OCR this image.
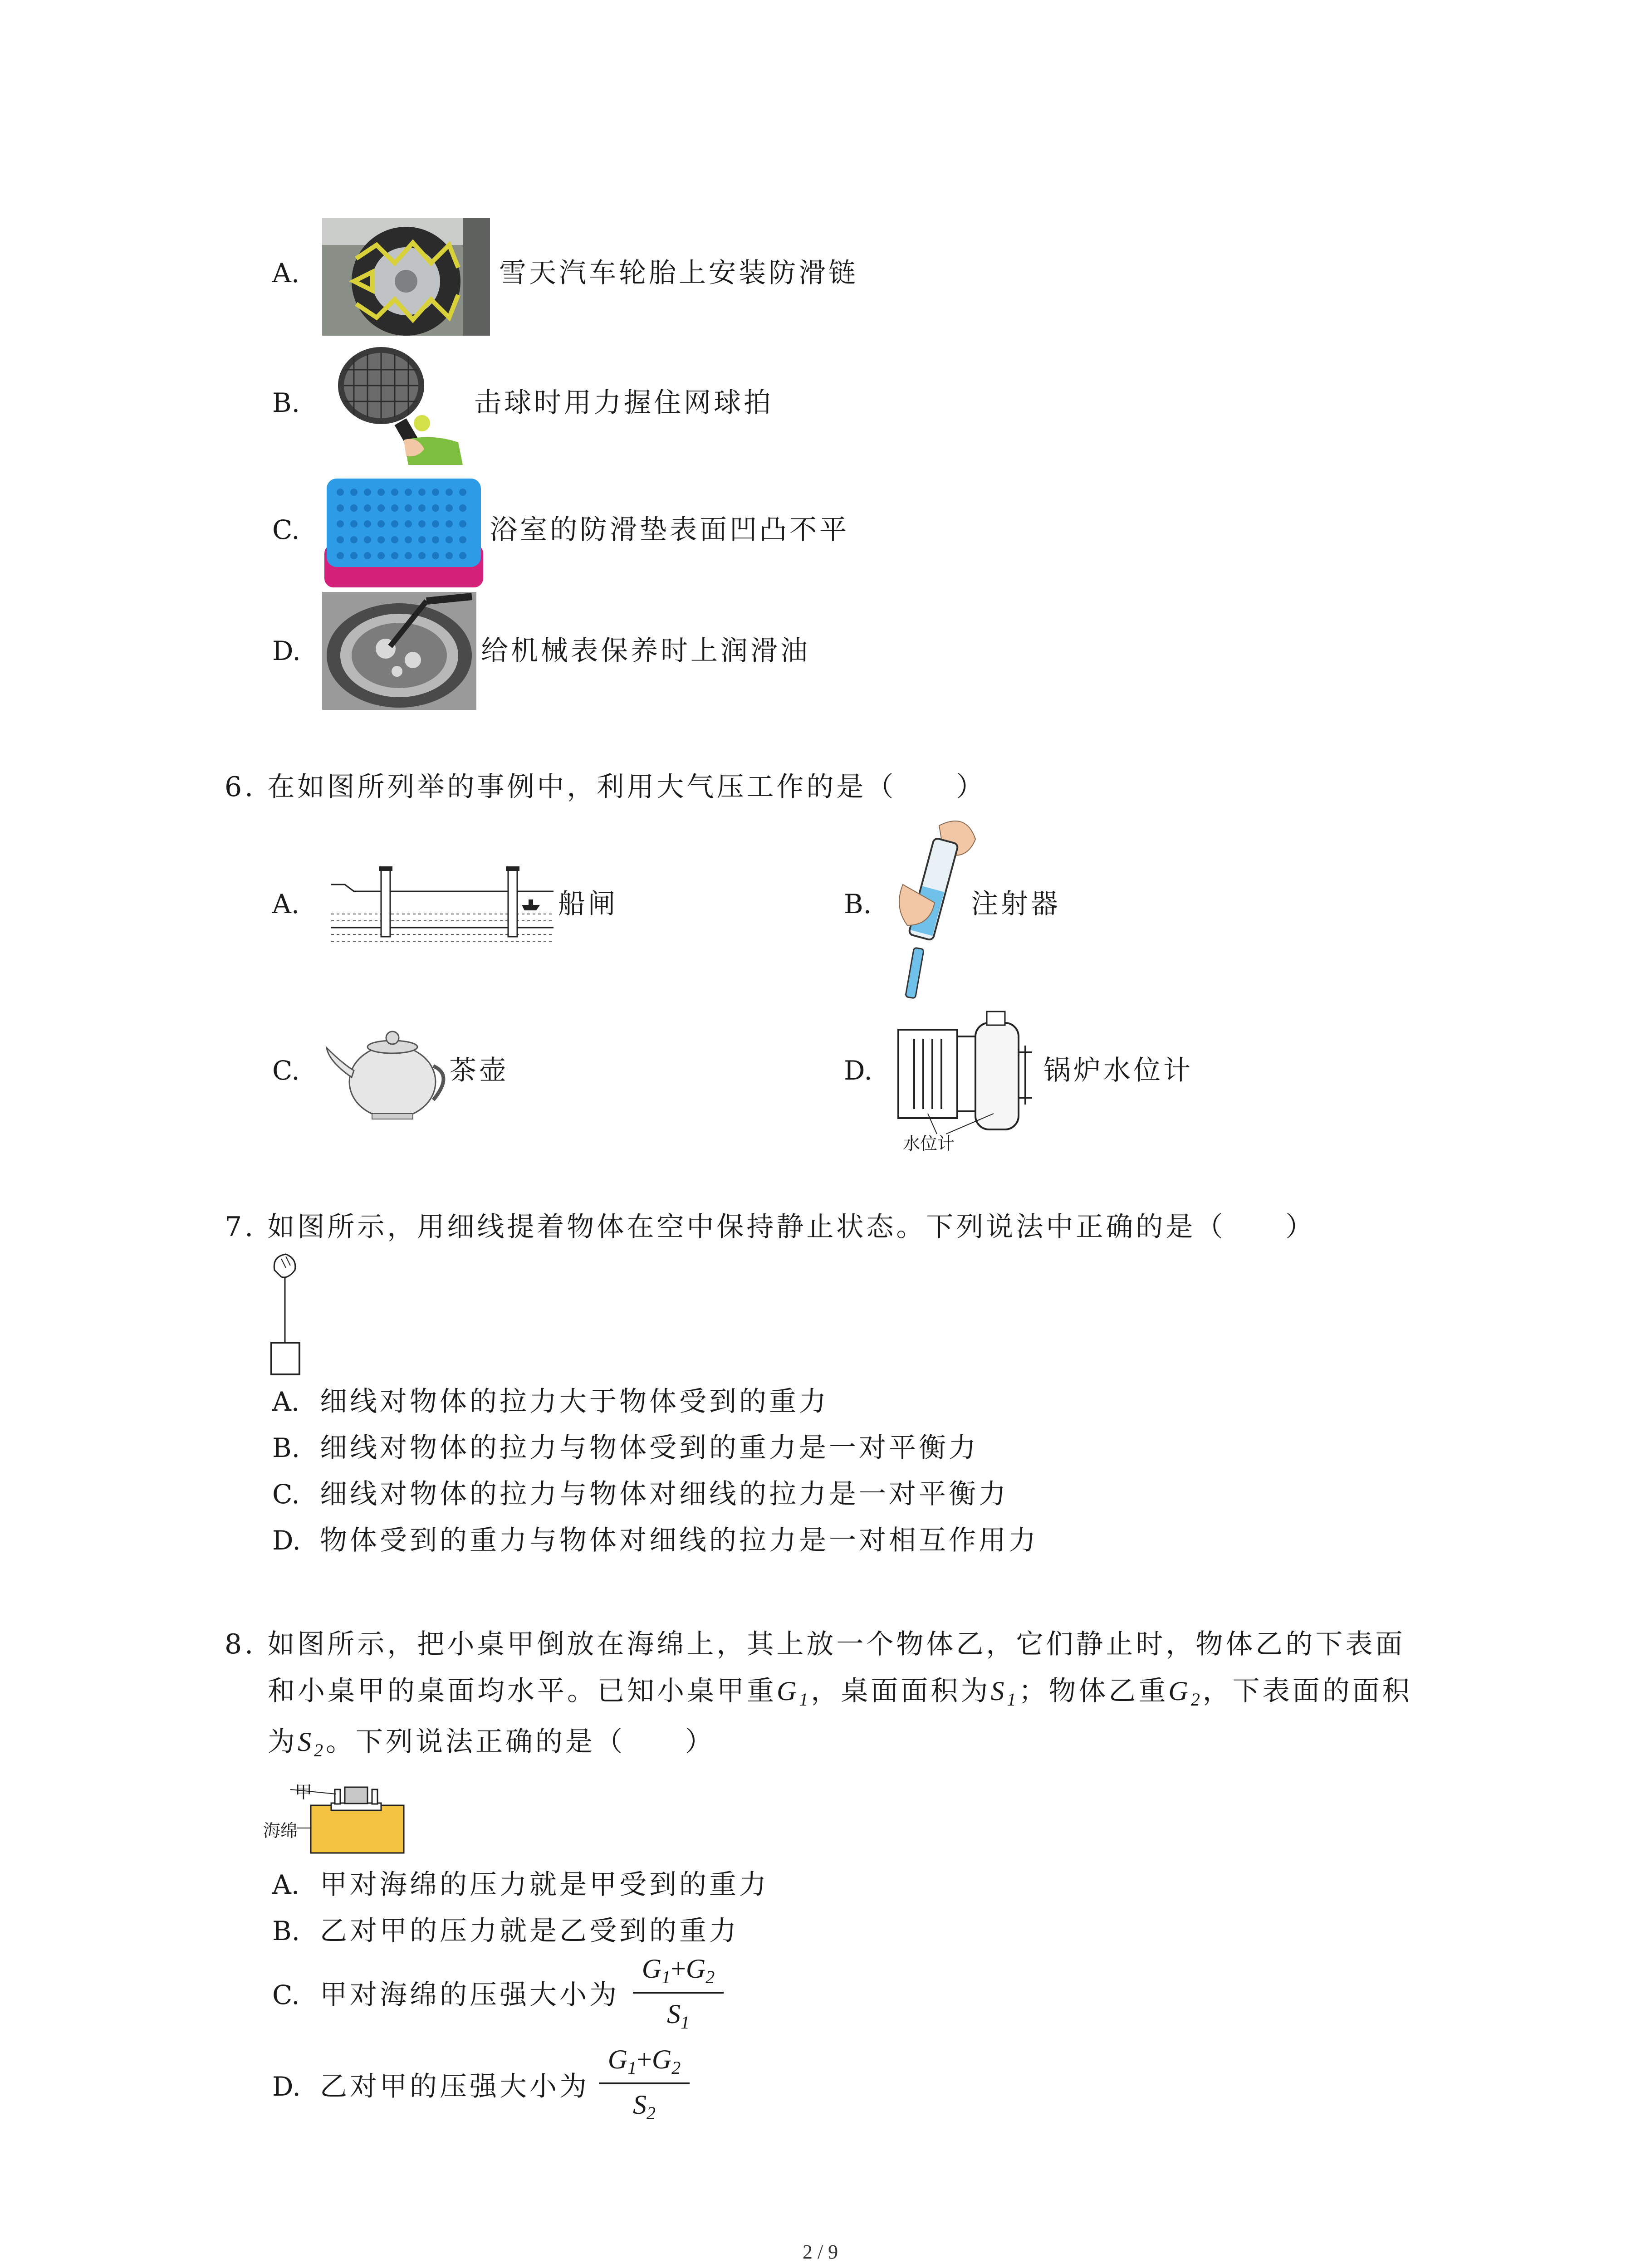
A.	雪天汽车轮胎上安装防滑链
B.	击球时用力握住网球拍
C.	浴室的防滑垫表面凹凸不平
D.	给机械表保养时上润滑油
6. 在如图所列举的事例中，利用大气压工作的是（　　）
A.	船闸	B.	注射器
C.	茶壶	D.
水位计
锅炉水位计
7. 如图所示，用细线提着物体在空中保持静止状态。下列说法中正确的是（　　）
A. 细线对物体的拉力大于物体受到的重力
B. 细线对物体的拉力与物体受到的重力是一对平衡力
C. 细线对物体的拉力与物体对细线的拉力是一对平衡力
D. 物体受到的重力与物体对细线的拉力是一对相互作用力
8. 如图所示，把小桌甲倒放在海绵上，其上放一个物体乙，它们静止时，物体乙的下表面
和小桌甲的桌面均水平。已知小桌甲重$G_1$，桌面面积为$S_1$；物体乙重$G_2$，下表面的面积
为$S_2$。下列说法正确的是（　　）
甲
海绵
A. 甲对海绵的压力就是甲受到的重力
B. 乙对甲的压力就是乙受到的重力
C. 甲对海绵的压强大小为
$G_1+G_2$
$S_1$
D. 乙对甲的压强大小为
$G_1+G_2$
$S_2$
2 / 9
